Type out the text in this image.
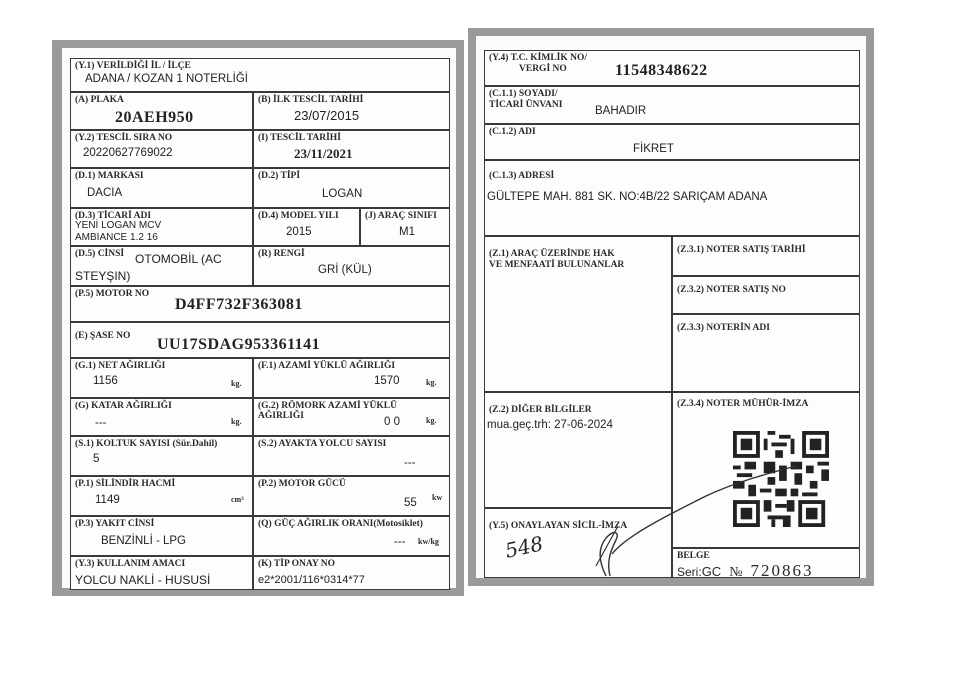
(Y.1) VERİLDİĞİ İL / İLÇE
ADANA / KOZAN 1 NOTERLİĞİ
(A) PLAKA
20AEH950
(B) İLK TESCİL TARİHİ
23/07/2015
(Y.2) TESCİL SIRA NO
20220627769022
(I) TESCİL TARİHİ
23/11/2021
(D.1) MARKASI
DACIA
(D.2) TİPİ
LOGAN
(D.3) TİCARİ ADI
YENİ LOGAN MCV
AMBIANCE 1.2 16
(D.4) MODEL YILI
2015
(J) ARAÇ SINIFI
M1
(D.5) CİNSİ OTOMOBİL (AC
STEYŞIN)
(R) RENGİ
GRİ (KÜL)
(P.5) MOTOR NO
D4FF732F363081
(E) ŞASE NO UU17SDAG953361141
(G.1) NET AĞIRLIĞI
1156	kg.
(F.1) AZAMİ YÜKLÜ AĞIRLIĞI
1570	kg.
(G) KATAR AĞIRLIĞI
---	kg.
(G.2) RÖMORK AZAMİ YÜKLÜ
AĞIRLIĞI	0 0	kg.
(S.1) KOLTUK SAYISI (Sür.Dahil)
5
(S.2) AYAKTA YOLCU SAYISI
---
(P.1) SİLİNDİR HACMİ
1149	cm³
(P.2) MOTOR GÜCÜ
55 kw
(P.3) YAKIT CİNSİ
BENZİNLİ - LPG
(Q) GÜÇ AĞIRLIK ORANI(Motosiklet)
--- kw/kg
(Y.3) KULLANIM AMACI
YOLCU NAKLİ - HUSUSİ
(K) TİP ONAY NO
e2*2001/116*0314*77
(Y.4) T.C. KİMLİK NO/
VERGİ NO	11548348622
(C.1.1) SOYADI/
TİCARİ ÜNVANI	BAHADIR
(C.1.2) ADI
FİKRET
(C.1.3) ADRESİ
GÜLTEPE MAH. 881 SK. NO:4B/22 SARIÇAM ADANA
(Z.1) ARAÇ ÜZERİNDE HAK
VE MENFAATİ BULUNANLAR
(Z.3.1) NOTER SATIŞ TARİHİ
(Z.3.2) NOTER SATIŞ NO
(Z.3.3) NOTERİN ADI
(Z.2) DİĞER BİLGİLER
mua.geç.trh: 27-06-2024
(Z.3.4) NOTER MÜHÜR-İMZA
(Y.5) ONAYLAYAN SİCİL-İMZA
548	BELGE
Seri:GC № 720863
